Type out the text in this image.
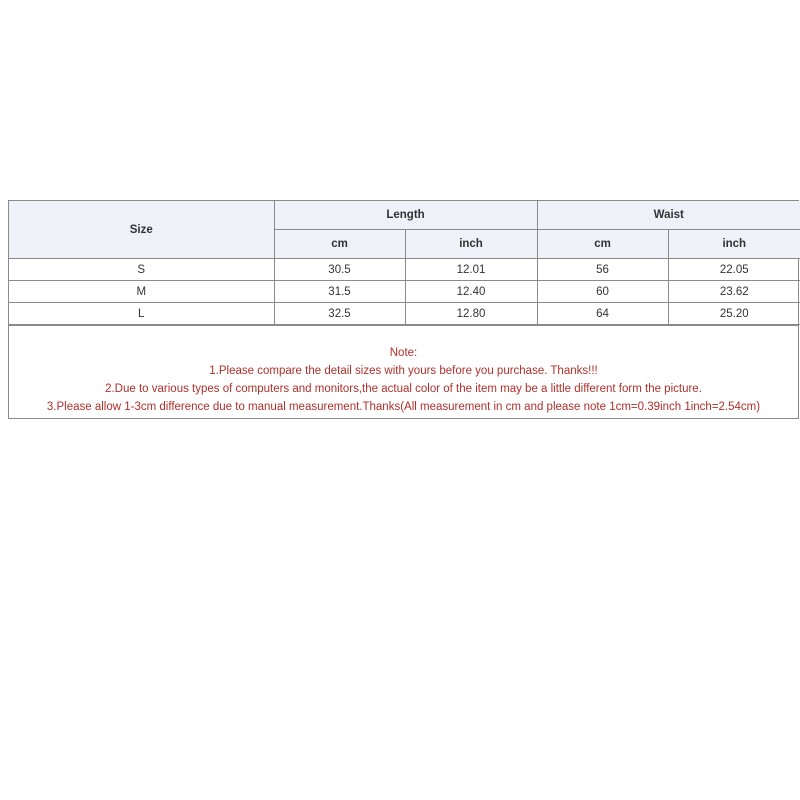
Size	Length		Waist	
	cm	inch	cm	inch
S	30.5	12.01	56	22.05
M	31.5	12.40	60	23.62
L	32.5	12.80	64	25.20
Note:
1.Please compare the detail sizes with yours before you purchase. Thanks!!!
2.Due to various types of computers and monitors,the actual color of the item may be a little different form the picture.
3.Please allow 1-3cm difference due to manual measurement.Thanks(All measurement in cm and please note 1cm=0.39inch 1inch=2.54cm)
